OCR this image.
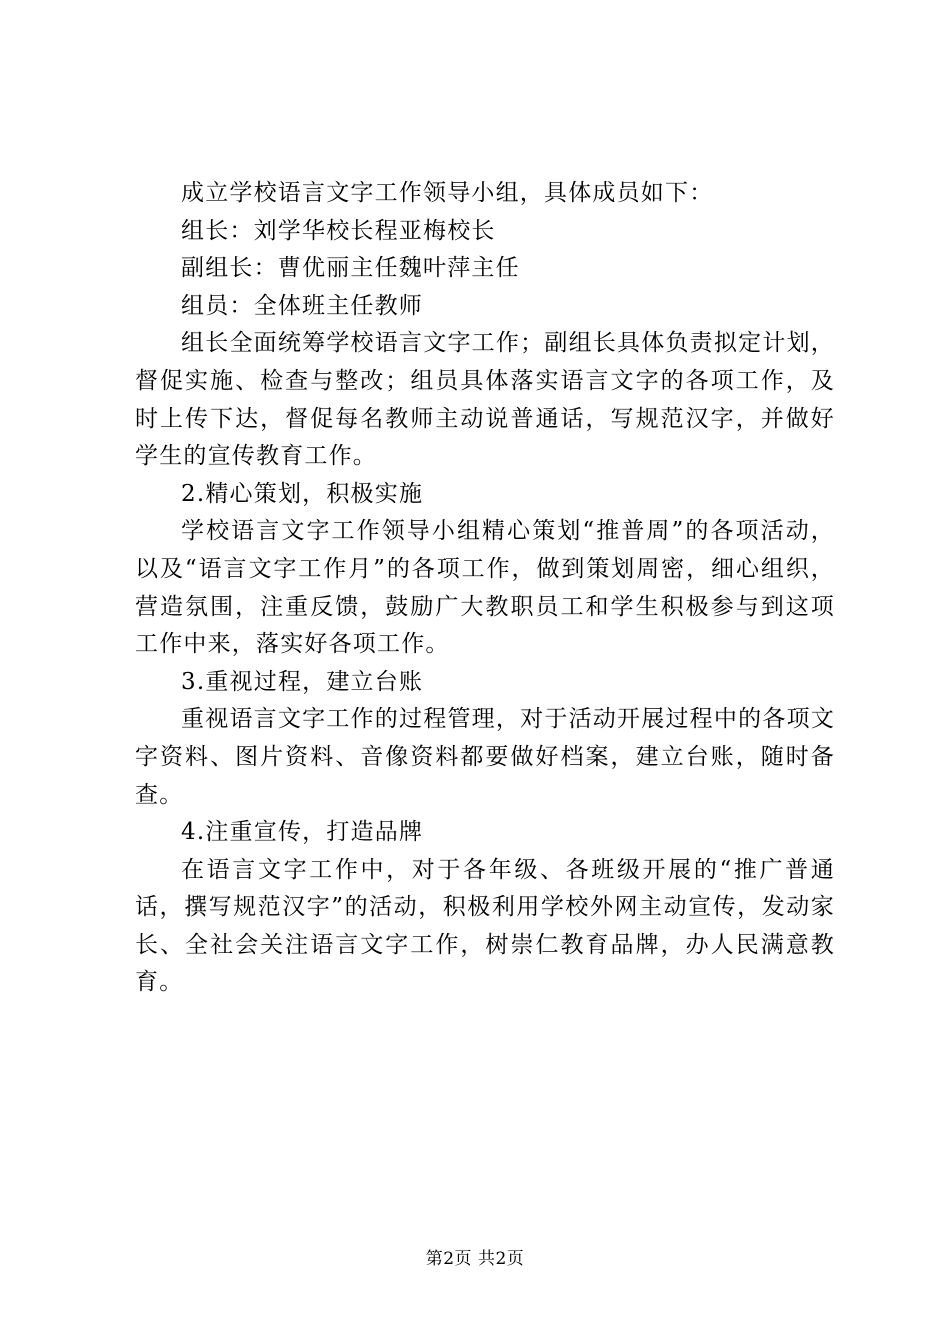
成立学校语言文字工作领导小组，具体成员如下：

组长：刘学华校长程亚梅校长

副组长：曹优丽主任魏叶萍主任

组员：全体班主任教师

组长全面统筹学校语言文字工作；副组长具体负责拟定计划，督促实施、检查与整改；组员具体落实语言文字的各项工作，及时上传下达，督促每名教师主动说普通话，写规范汉字，并做好学生的宣传教育工作。

2.精心策划，积极实施

学校语言文字工作领导小组精心策划“推普周”的各项活动，以及“语言文字工作月”的各项工作，做到策划周密，细心组织，营造氛围，注重反馈，鼓励广大教职员工和学生积极参与到这项工作中来，落实好各项工作。

3.重视过程，建立台账

重视语言文字工作的过程管理，对于活动开展过程中的各项文字资料、图片资料、音像资料都要做好档案，建立台账，随时备查。

4.注重宣传，打造品牌

在语言文字工作中，对于各年级、各班级开展的“推广普通话，撰写规范汉字”的活动，积极利用学校外网主动宣传，发动家长、全社会关注语言文字工作，树崇仁教育品牌，办人民满意教育。

第2页 共2页
